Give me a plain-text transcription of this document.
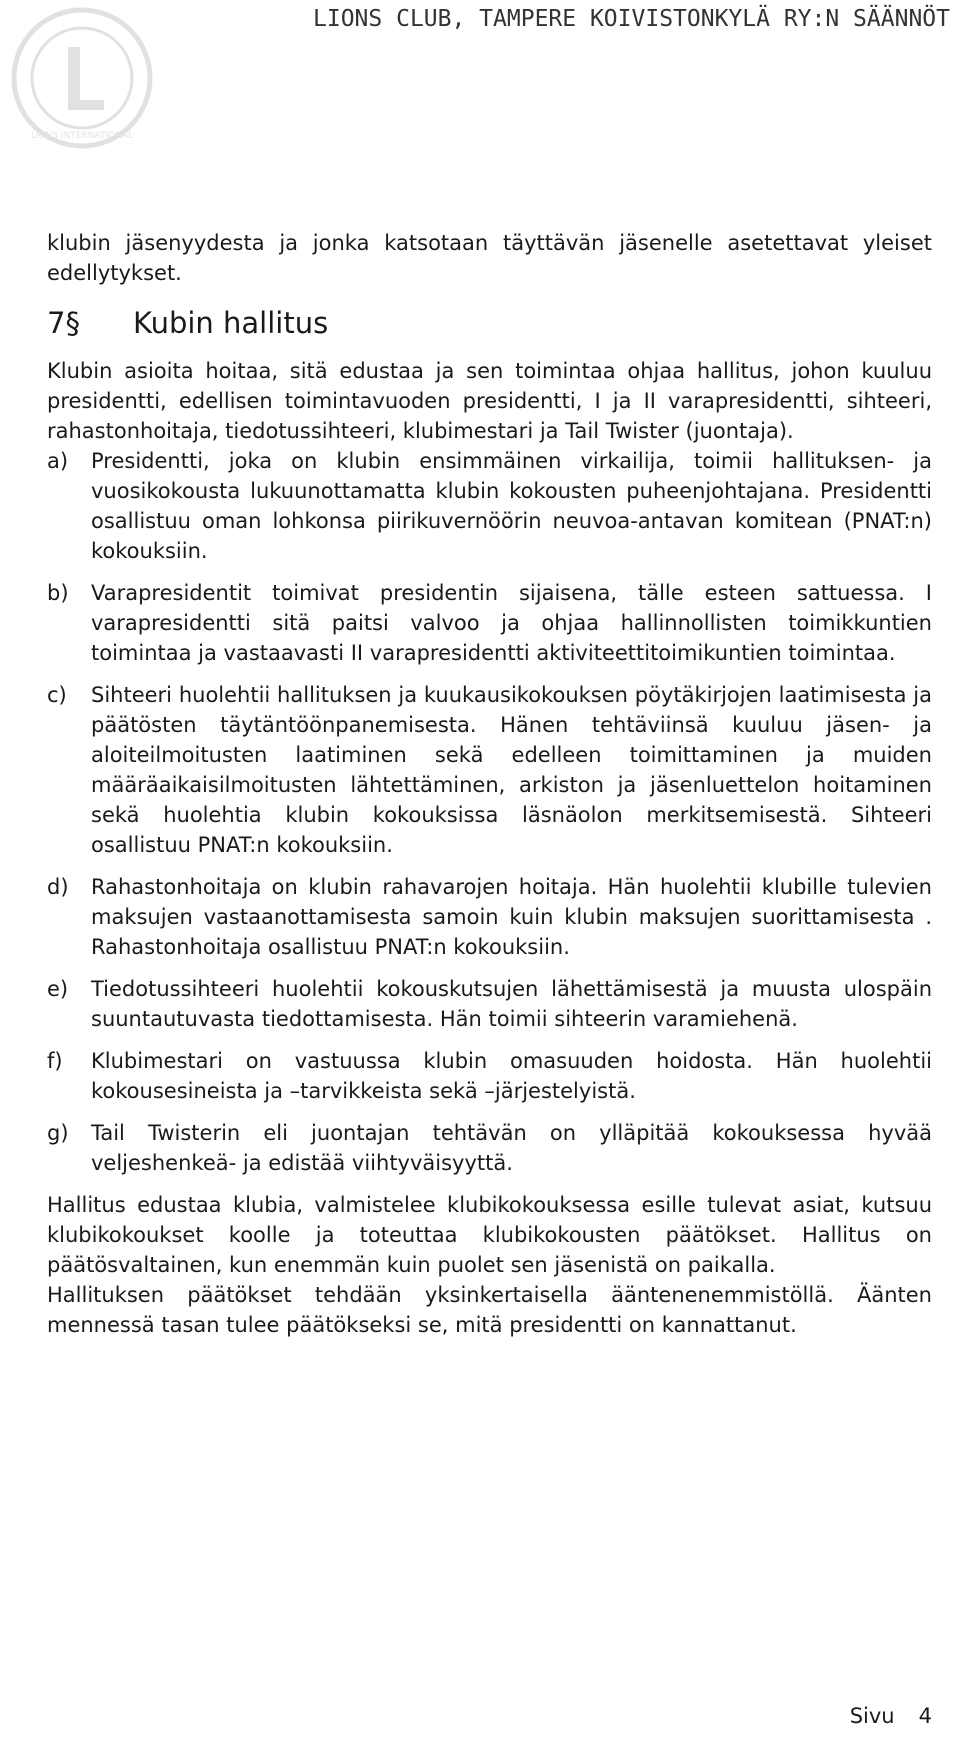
LIONS INTERNATIONAL
LIONS CLUB, TAMPERE KOIVISTONKYLÄ RY:N SÄÄNNÖT

klubin jäsenyydesta ja jonka katsotaan täyttävän jäsenelle asetettavat yleiset edellytykset.

7§ Kubin hallitus

Klubin asioita hoitaa, sitä edustaa ja sen toimintaa ohjaa hallitus, johon kuuluu presidentti, edellisen toimintavuoden presidentti, I ja II varapresidentti, sihteeri, rahastonhoitaja, tiedotussihteeri, klubimestari ja Tail Twister (juontaja).

a)	Presidentti, joka on klubin ensimmäinen virkailija, toimii hallituksen- ja vuosikokousta lukuunottamatta klubin kokousten puheenjohtajana. Presidentti osallistuu oman lohkonsa piirikuvernöörin neuvoa-antavan komitean (PNAT:n) kokouksiin.

b)	Varapresidentit toimivat presidentin sijaisena, tälle esteen sattuessa. I varapresidentti sitä paitsi valvoo ja ohjaa hallinnollisten toimikkuntien toimintaa ja vastaavasti II varapresidentti aktiviteettitoimikuntien toimintaa.

c)	Sihteeri huolehtii hallituksen ja kuukausikokouksen pöytäkirjojen laatimisesta ja päätösten täytäntöönpanemisesta. Hänen tehtäviinsä kuuluu jäsen- ja aloiteilmoitusten laatiminen sekä edelleen toimittaminen ja muiden määräaikaisilmoitusten lähtettäminen, arkiston ja jäsenluettelon hoitaminen sekä huolehtia klubin kokouksissa läsnäolon merkitsemisestä. Sihteeri osallistuu PNAT:n kokouksiin.

d)	Rahastonhoitaja on klubin rahavarojen hoitaja. Hän huolehtii klubille tulevien maksujen vastaanottamisesta samoin kuin klubin maksujen suorittamisesta . Rahastonhoitaja osallistuu PNAT:n kokouksiin.

e)	Tiedotussihteeri huolehtii kokouskutsujen lähettämisestä ja muusta ulospäin suuntautuvasta tiedottamisesta. Hän toimii sihteerin varamiehenä.

f)	Klubimestari on vastuussa klubin omasuuden hoidosta. Hän huolehtii kokousesineista ja –tarvikkeista sekä –järjestelyistä.

g)	Tail Twisterin eli juontajan tehtävän on ylläpitää kokouksessa hyvää veljeshenkeä- ja edistää viihtyväisyyttä.

Hallitus edustaa klubia, valmistelee klubikokouksessa esille tulevat asiat, kutsuu klubikokoukset koolle ja toteuttaa klubikokousten päätökset. Hallitus on päätösvaltainen, kun enemmän kuin puolet sen jäsenistä on paikalla.

Hallituksen päätökset tehdään yksinkertaisella ääntenenemmistöllä. Äänten mennessä tasan tulee päätökseksi se, mitä presidentti on kannattanut.

Sivu 4
